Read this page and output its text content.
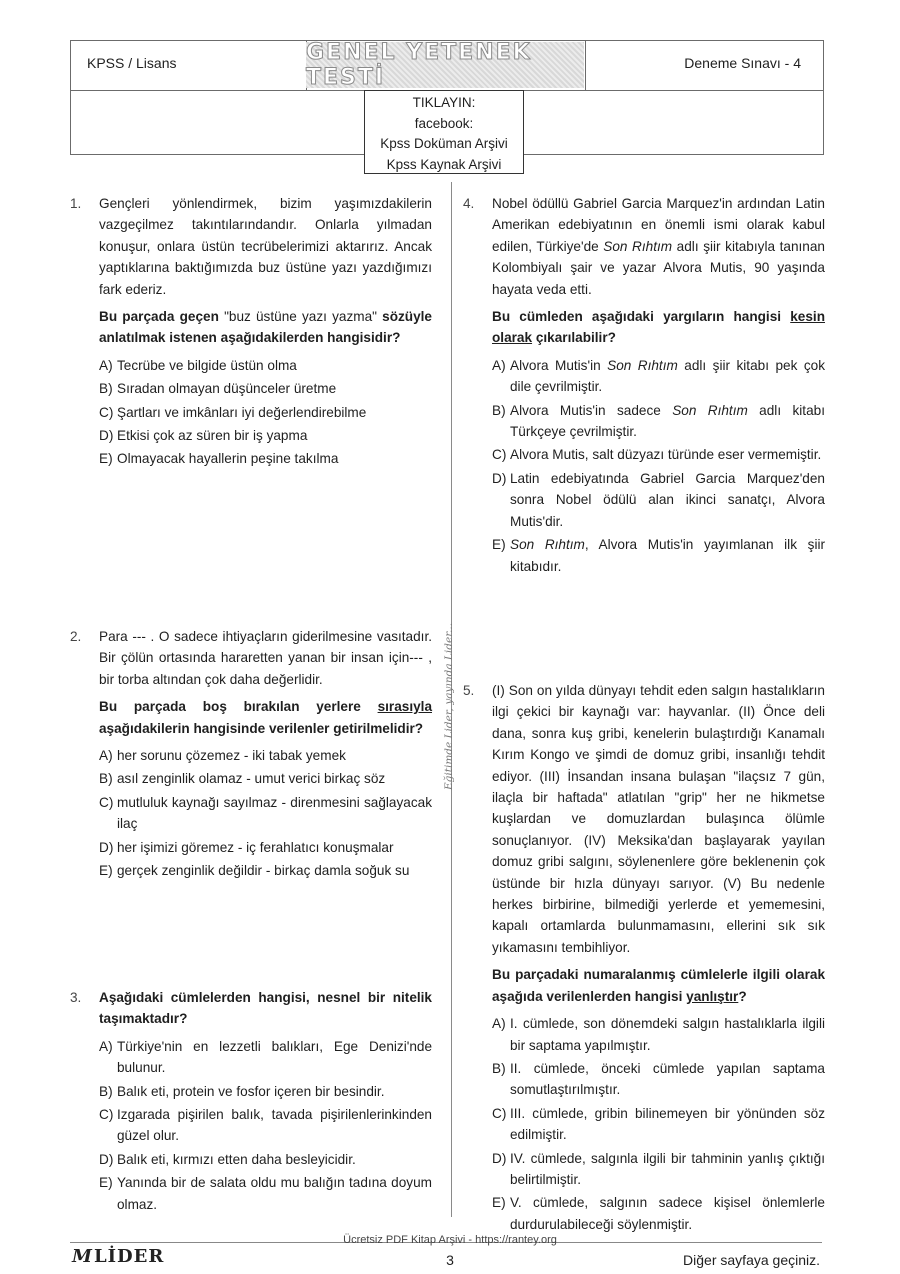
KPSS / Lisans	GENEL YETENEK TESTİ
Deneme Sınavı - 4
TIKLAYIN:
facebook:
Kpss Doküman Arşivi
Kpss Kaynak Arşivi
Eğitimde Lider, yayında Lider...
1. Gençleri yönlendirmek, bizim yaşımızdakilerin vazgeçilmez takıntılarındandır. Onlarla yılmadan konuşur, onlara üstün tecrübelerimizi aktarırız. Ancak yaptıklarına baktığımızda buz üstüne yazı yazdığımızı fark ederiz.

Bu parçada geçen "buz üstüne yazı yazma" sözüyle anlatılmak istenen aşağıdakilerden hangisidir?

A) Tecrübe ve bilgide üstün olma
B) Sıradan olmayan düşünceler üretme
C) Şartları ve imkânları iyi değerlendirebilme
D) Etkisi çok az süren bir iş yapma
E) Olmayacak hayallerin peşine takılma
2. Para --- . O sadece ihtiyaçların giderilmesine vasıtadır. Bir çölün ortasında hararetten yanan bir insan için--- , bir torba altından çok daha değerlidir.

Bu parçada boş bırakılan yerlere sırasıyla aşağıdakilerin hangisinde verilenler getirilmelidir?

A) her sorunu çözemez - iki tabak yemek
B) asıl zenginlik olamaz - umut verici birkaç söz
C) mutluluk kaynağı sayılmaz - direnmesini sağlayacak ilaç
D) her işimizi göremez - iç ferahlatıcı konuşmalar
E) gerçek zenginlik değildir - birkaç damla soğuk su
3. Aşağıdaki cümlelerden hangisi, nesnel bir nitelik taşımaktadır?

A) Türkiye'nin en lezzetli balıkları, Ege Denizi'nde bulunur.
B) Balık eti, protein ve fosfor içeren bir besindir.
C) Izgarada pişirilen balık, tavada pişirilenlerinkinden güzel olur.
D) Balık eti, kırmızı etten daha besleyicidir.
E) Yanında bir de salata oldu mu balığın tadına doyum olmaz.
4. Nobel ödüllü Gabriel Garcia Marquez'in ardından Latin Amerikan edebiyatının en önemli ismi olarak kabul edilen, Türkiye'de Son Rıhtım adlı şiir kitabıyla tanınan Kolombiyalı şair ve yazar Alvora Mutis, 90 yaşında hayata veda etti.

Bu cümleden aşağıdaki yargıların hangisi kesin olarak çıkarılabilir?

A) Alvora Mutis'in Son Rıhtım adlı şiir kitabı pek çok dile çevrilmiştir.
B) Alvora Mutis'in sadece Son Rıhtım adlı kitabı Türkçeye çevrilmiştir.
C) Alvora Mutis, salt düzyazı türünde eser vermemiştir.
D) Latin edebiyatında Gabriel Garcia Marquez'den sonra Nobel ödülü alan ikinci sanatçı, Alvora Mutis'dir.
E) Son Rıhtım, Alvora Mutis'in yayımlanan ilk şiir kitabıdır.
5. (I) Son on yılda dünyayı tehdit eden salgın hastalıkların ilgi çekici bir kaynağı var: hayvanlar. (II) Önce deli dana, sonra kuş gribi, kenelerin bulaştırdığı Kanamalı Kırım Kongo ve şimdi de domuz gribi, insanlığı tehdit ediyor. (III) İnsandan insana bulaşan "ilaçsız 7 gün, ilaçla bir haftada" atlatılan "grip" her ne hikmetse kuşlardan ve domuzlardan bulaşınca ölümle sonuçlanıyor. (IV) Meksika'dan başlayarak yayılan domuz gribi salgını, söylenenlere göre beklenenin çok üstünde bir hızla dünyayı sarıyor. (V) Bu nedenle herkes birbirine, bilmediği yerlerde et yememesini, kapalı ortamlarda bulunmamasını, ellerini sık sık yıkamasını tembihliyor.

Bu parçadaki numaralanmış cümlelerle ilgili olarak aşağıda verilenlerden hangisi yanlıştır?

A) I. cümlede, son dönemdeki salgın hastalıklarla ilgili bir saptama yapılmıştır.
B) II. cümlede, önceki cümlede yapılan saptama somutlaştırılmıştır.
C) III. cümlede, gribin bilinemeyen bir yönünden söz edilmiştir.
D) IV. cümlede, salgınla ilgili bir tahminin yanlış çıktığı belirtilmiştir.
E) V. cümlede, salgının sadece kişisel önlemlerle durdurulabileceği söylenmiştir.
Ücretsiz PDF Kitap Arşivi - https://rantey.org
MLİDER	3	Diğer sayfaya geçiniz.
